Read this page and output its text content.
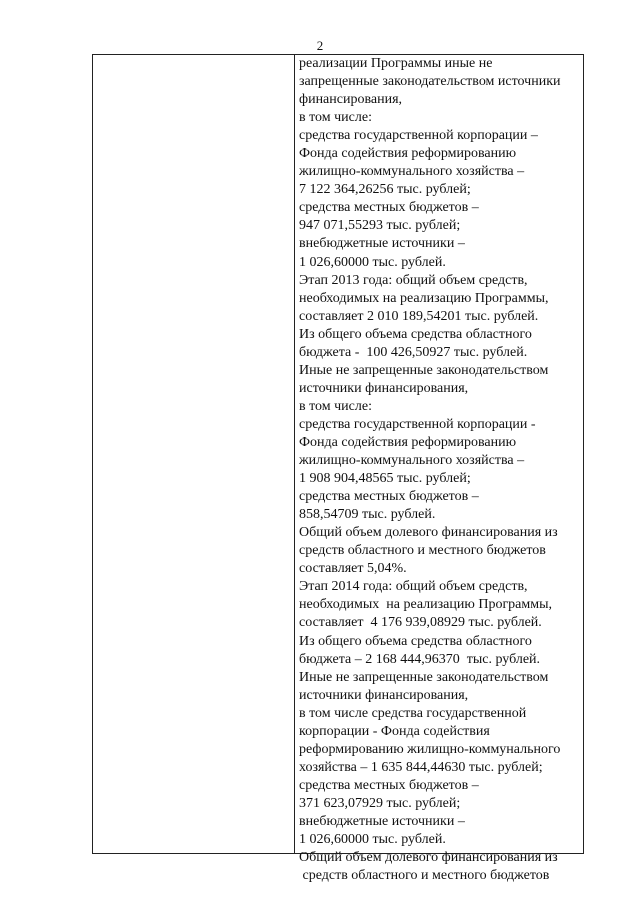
2
реализации Программы иные не
запрещенные законодательством источники
финансирования,
в том числе:
средства государственной корпорации –
Фонда содействия реформированию
жилищно-коммунального хозяйства –
7 122 364,26256 тыс. рублей;
средства местных бюджетов –
947 071,55293 тыс. рублей;
внебюджетные источники –
1 026,60000 тыс. рублей.
Этап 2013 года: общий объем средств,
необходимых на реализацию Программы,
составляет 2 010 189,54201 тыс. рублей.
Из общего объема средства областного
бюджета -  100 426,50927 тыс. рублей.
Иные не запрещенные законодательством
источники финансирования,
в том числе:
средства государственной корпорации -
Фонда содействия реформированию
жилищно-коммунального хозяйства –
1 908 904,48565 тыс. рублей;
средства местных бюджетов –
858,54709 тыс. рублей.
Общий объем долевого финансирования из
средств областного и местного бюджетов
составляет 5,04%.
Этап 2014 года: общий объем средств,
необходимых  на реализацию Программы,
составляет  4 176 939,08929 тыс. рублей.
Из общего объема средства областного
бюджета – 2 168 444,96370  тыс. рублей.
Иные не запрещенные законодательством
источники финансирования,
в том числе средства государственной
корпорации - Фонда содействия
реформированию жилищно-коммунального
хозяйства – 1 635 844,44630 тыс. рублей;
средства местных бюджетов –
371 623,07929 тыс. рублей;
внебюджетные источники –
1 026,60000 тыс. рублей.
Общий объем долевого финансирования из
средств областного и местного бюджетов
